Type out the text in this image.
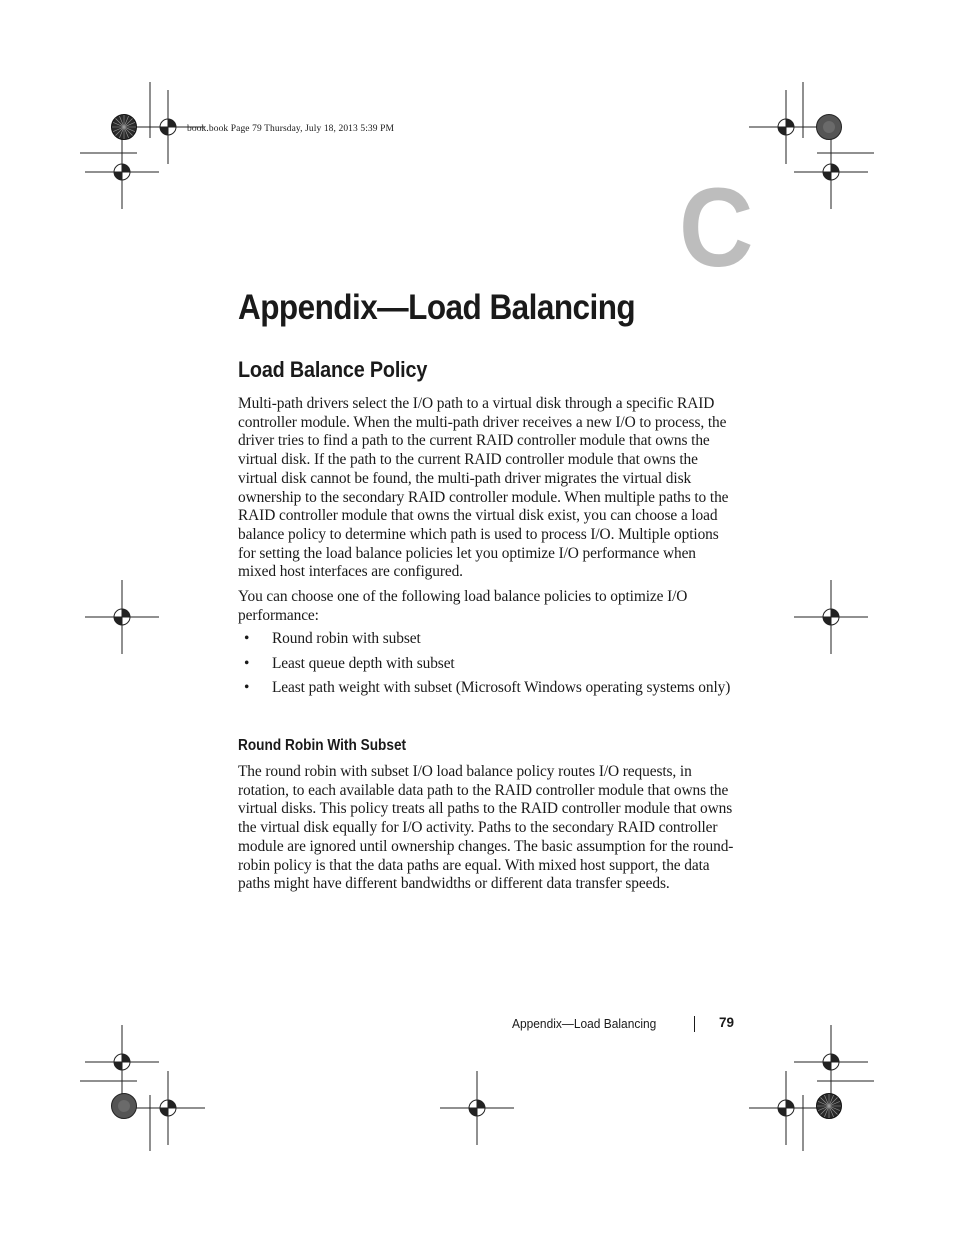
book.book Page 79 Thursday, July 18, 2013 5:39 PM
C
Appendix—Load Balancing
Load Balance Policy

Multi-path drivers select the I/O path to a virtual disk through a specific RAID controller module. When the multi-path driver receives a new I/O to process, the driver tries to find a path to the current RAID controller module that owns the virtual disk. If the path to the current RAID controller module that owns the virtual disk cannot be found, the multi-path driver migrates the virtual disk ownership to the secondary RAID controller module. When multiple paths to the RAID controller module that owns the virtual disk exist, you can choose a load balance policy to determine which path is used to process I/O. Multiple options for setting the load balance policies let you optimize I/O performance when mixed host interfaces are configured.

You can choose one of the following load balance policies to optimize I/O performance:

• Round robin with subset
• Least queue depth with subset
• Least path weight with subset (Microsoft Windows operating systems only)
Round Robin With Subset

The round robin with subset I/O load balance policy routes I/O requests, in rotation, to each available data path to the RAID controller module that owns the virtual disks. This policy treats all paths to the RAID controller module that owns the virtual disk equally for I/O activity. Paths to the secondary RAID controller module are ignored until ownership changes. The basic assumption for the round-robin policy is that the data paths are equal. With mixed host support, the data paths might have different bandwidths or different data transfer speeds.

Appendix—Load Balancing	79
